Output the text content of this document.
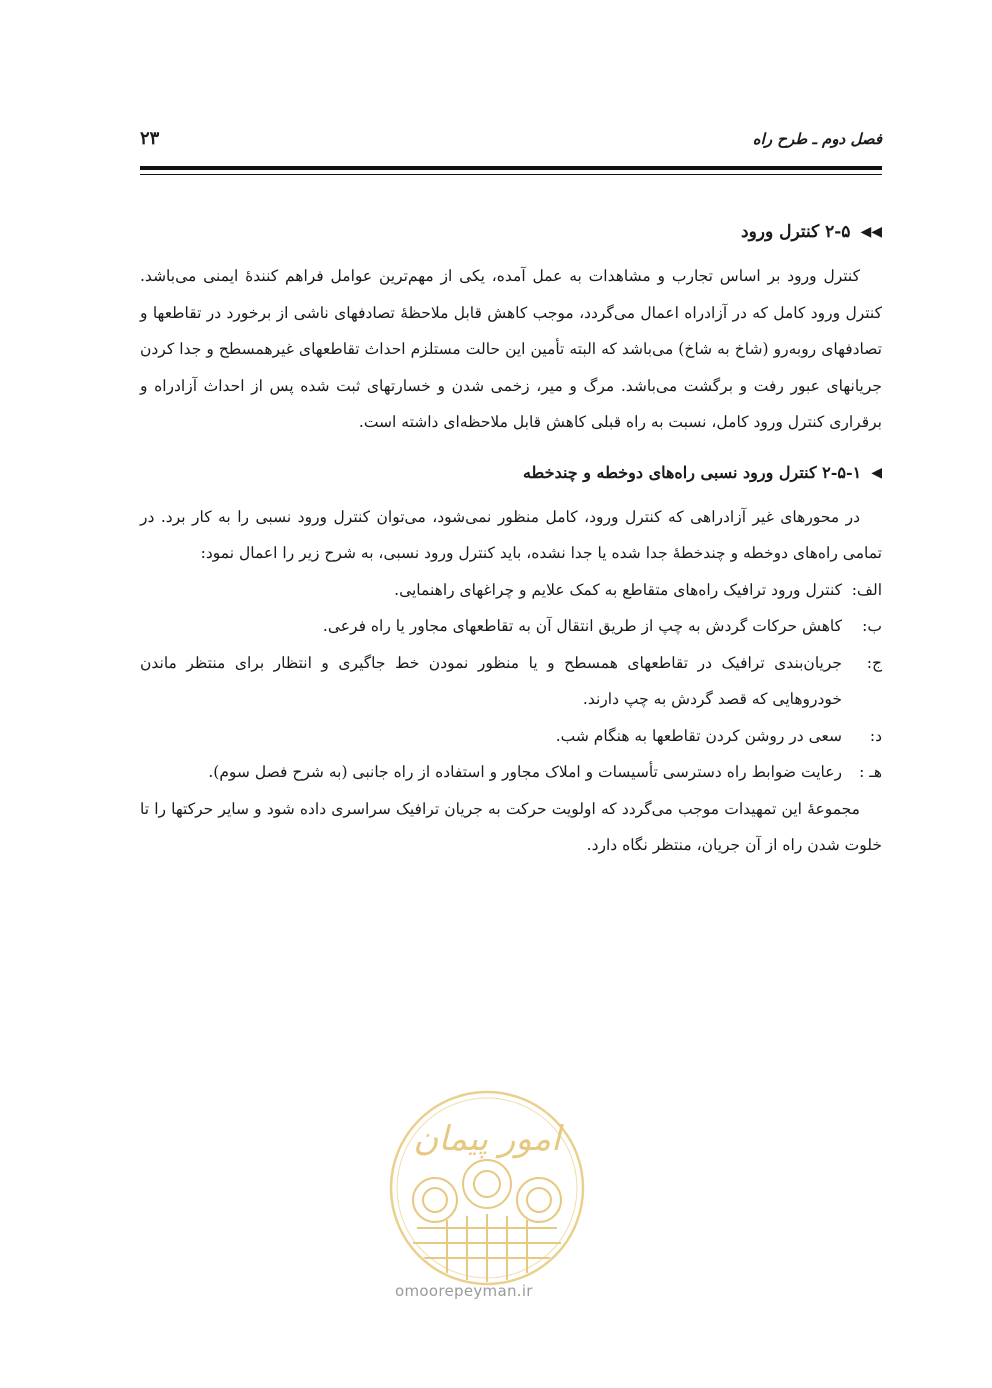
فصل دوم ـ طرح راه
۲۳
◀◀
۲-۵ کنترل ورود

کنترل ورود بر اساس تجارب و مشاهدات به عمل آمده، یکی از مهم‌ترین عوامل فراهم کنندهٔ ایمنی می‌باشد. کنترل ورود کامل که در آزادراه اعمال می‌گردد، موجب کاهش قابل ملاحظهٔ تصادفهای ناشی از برخورد در تقاطعها و تصادفهای روبه‌رو (شاخ به شاخ) می‌باشد که البته تأمین این حالت مستلزم احداث تقاطعهای غیرهمسطح و جدا کردن جریانهای عبور رفت و برگشت می‌باشد. مرگ و میر، زخمی شدن و خسارتهای ثبت شده پس از احداث آزادراه و برقراری کنترل ورود کامل، نسبت به راه قبلی کاهش قابل ملاحظه‌ای داشته است.

◀
۲-۵-۱ کنترل ورود نسبی راه‌های دوخطه و چندخطه

در محورهای غیر آزادراهی که کنترل ورود، کامل منظور نمی‌شود، می‌توان کنترل ورود نسبی را به کار برد. در تمامی راه‌های دوخطه و چندخطهٔ جدا شده یا جدا نشده، باید کنترل ورود نسبی، به شرح زیر را اعمال نمود:

الف:
کنترل ورود ترافیک راه‌های متقاطع به کمک علایم و چراغهای راهنمایی.
ب:
کاهش حرکات گردش به چپ از طریق انتقال آن به تقاطعهای مجاور یا راه فرعی.
ج:
جریان‌بندی ترافیک در تقاطعهای همسطح و یا منظور نمودن خط جاگیری و انتظار برای منتظر ماندن خودروهایی که قصد گردش به چپ دارند.
د:
سعی در روشن کردن تقاطعها به هنگام شب.
هـ :
رعایت ضوابط راه دسترسی تأسیسات و املاک مجاور و استفاده از راه جانبی (به شرح فصل سوم).

مجموعهٔ این تمهیدات موجب می‌گردد که اولویت حرکت به جریان ترافیک سراسری داده شود و سایر حرکتها را تا خلوت شدن راه از آن جریان، منتظر نگاه دارد.

امور پیمان
omoorepeyman.ir
